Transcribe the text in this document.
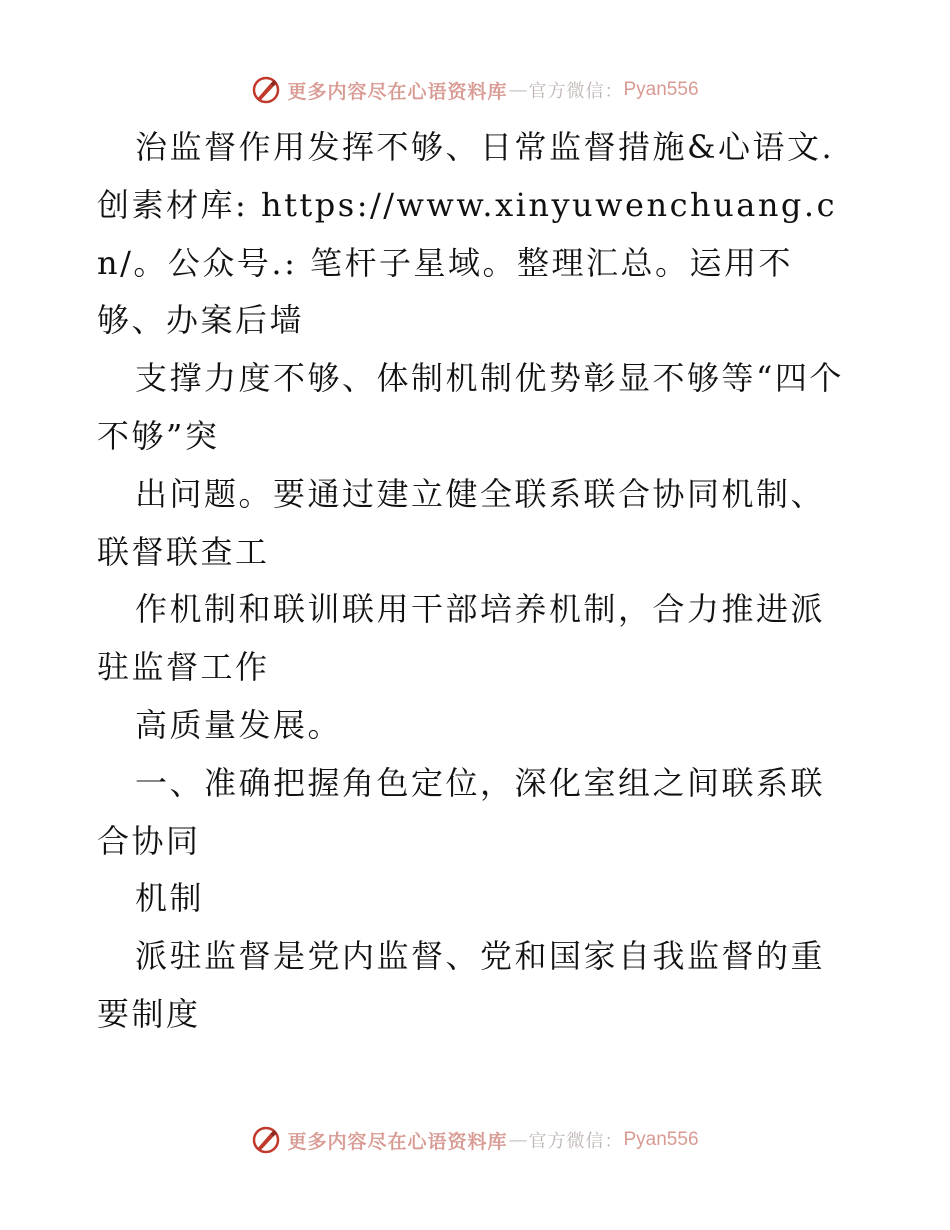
更多内容尽在心语资料库 — 官方微信： Pyan556

治监督作用发挥不够、日常监督措施&心语文.创素材库: https://www.xinyuwenchuang.cn/。公众号.: 笔杆子星域。整理汇总。运用不够、办案后墙

支撑力度不够、体制机制优势彰显不够等“四个不够”突

出问题。要通过建立健全联系联合协同机制、联督联查工

作机制和联训联用干部培养机制，合力推进派驻监督工作

高质量发展。

一、准确把握角色定位，深化室组之间联系联合协同

机制

派驻监督是党内监督、党和国家自我监督的重要制度

更多内容尽在心语资料库 — 官方微信： Pyan556
